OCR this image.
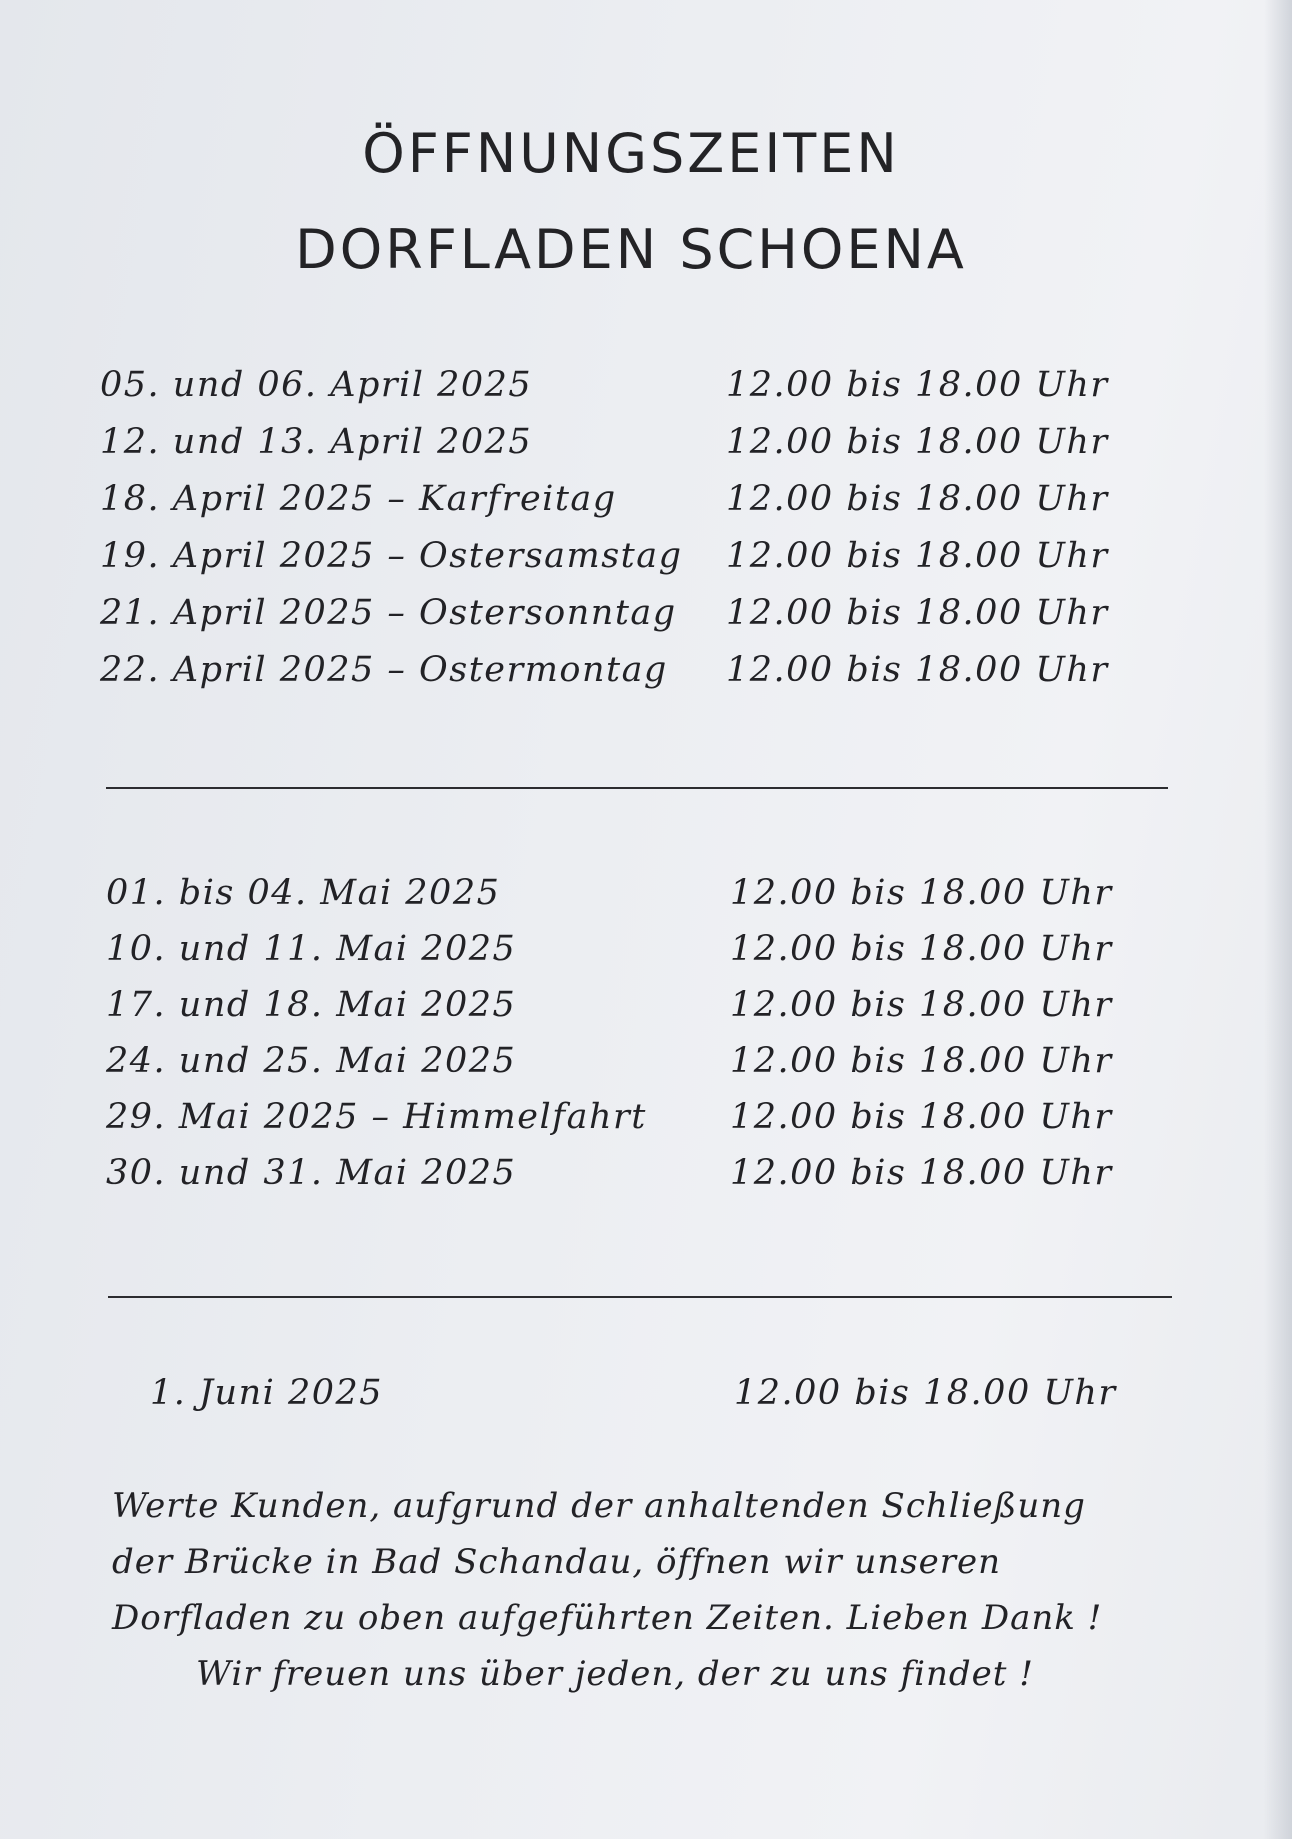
ÖFFNUNGSZEITEN
DORFLADEN SCHOENA
05. und 06. April 2025	12.00 bis 18.00 Uhr
12. und 13. April 2025	12.00 bis 18.00 Uhr
18. April 2025 – Karfreitag	12.00 bis 18.00 Uhr
19. April 2025 – Ostersamstag 12.00 bis 18.00 Uhr
21. April 2025 – Ostersonntag 12.00 bis 18.00 Uhr
22. April 2025 – Ostermontag 12.00 bis 18.00 Uhr
01. bis 04. Mai 2025	12.00 bis 18.00 Uhr
10. und 11. Mai 2025	12.00 bis 18.00 Uhr
17. und 18. Mai 2025	12.00 bis 18.00 Uhr
24. und 25. Mai 2025	12.00 bis 18.00 Uhr
29. Mai 2025 – Himmelfahrt 12.00 bis 18.00 Uhr
30. und 31. Mai 2025	12.00 bis 18.00 Uhr
1. Juni 2025	12.00 bis 18.00 Uhr
Werte Kunden, aufgrund der anhaltenden Schließung
der Brücke in Bad Schandau, öffnen wir unseren
Dorfladen zu oben aufgeführten Zeiten. Lieben Dank !
Wir freuen uns über jeden, der zu uns findet !
